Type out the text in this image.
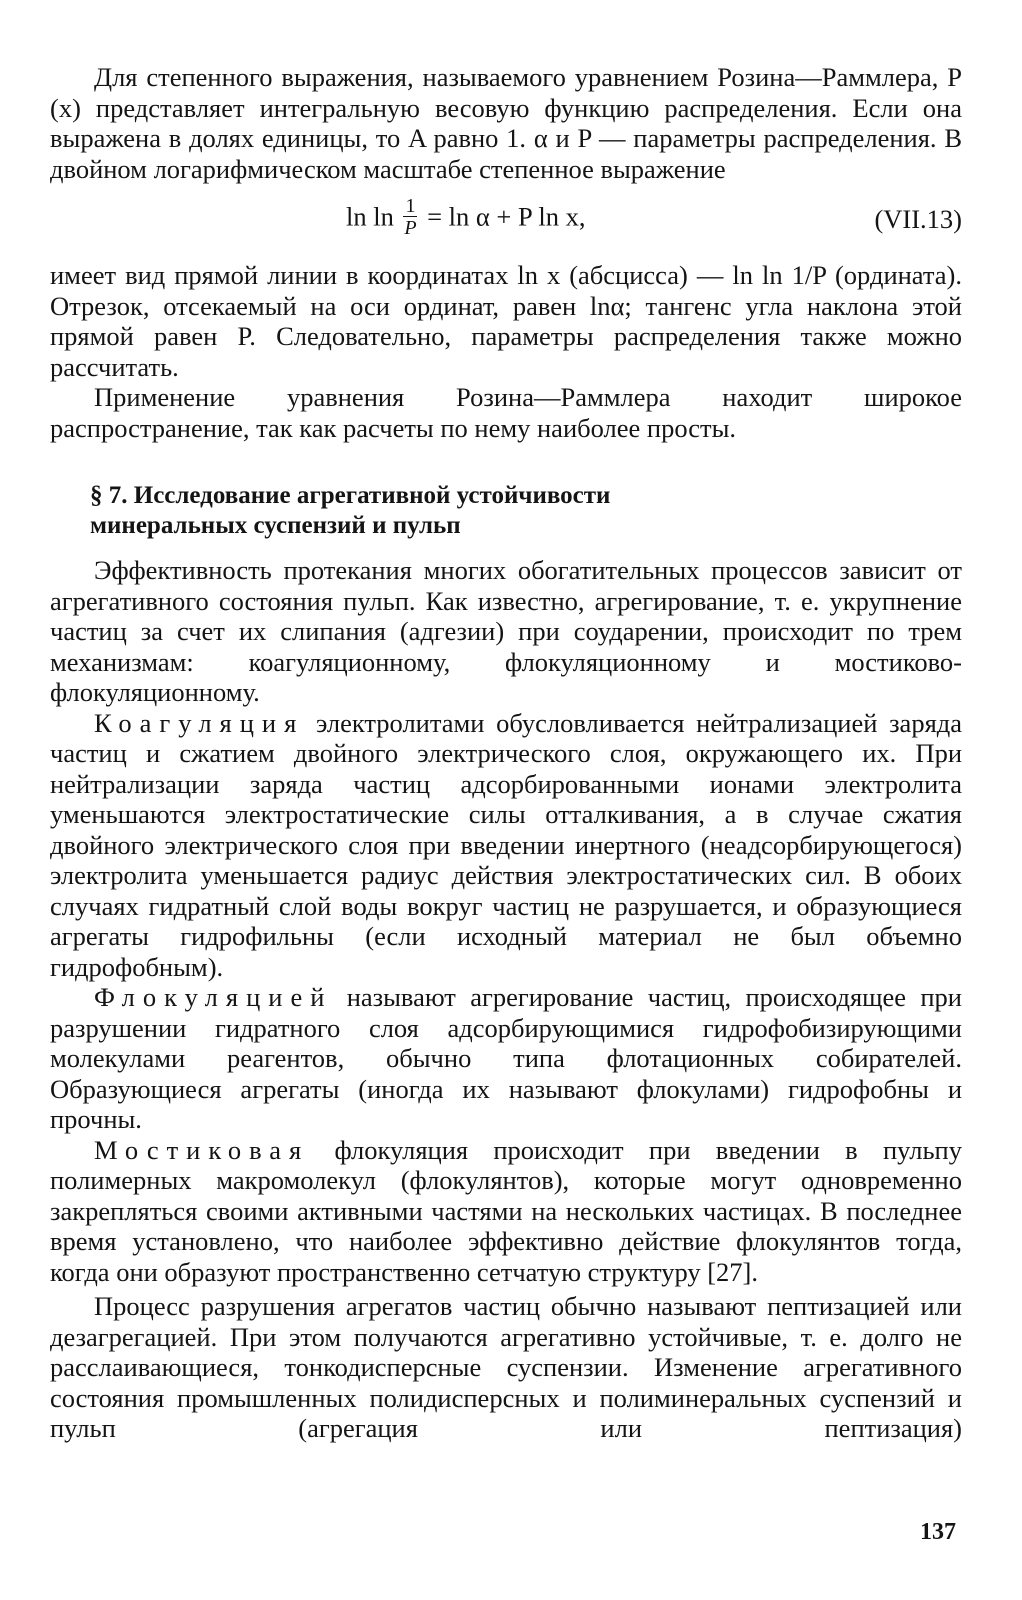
Для степенного выражения, называемого уравнением Розина—Раммлера, P (x) представляет интегральную весовую функцию распределения. Если она выражена в долях единицы, то A равно 1. α и P — параметры распределения. В двойном логарифмическом масштабе степенное выражение

$\ln \ln \frac{1}{P} = \ln \alpha + P$ ln x,	(VII.13)

имеет вид прямой линии в координатах ln x (абсцисса) — ln ln 1/P (ордината). Отрезок, отсекаемый на оси ординат, равен lnα; тангенс угла наклона этой прямой равен P. Следовательно, параметры распределения также можно рассчитать.

Применение уравнения Розина—Раммлера находит широкое распространение, так как расчеты по нему наиболее просты.

§ 7. Исследование агрегативной устойчивости
минеральных суспензий и пульп

Эффективность протекания многих обогатительных процессов зависит от агрегативного состояния пульп. Как известно, агрегирование, т. е. укрупнение частиц за счет их слипания (адгезии) при соударении, происходит по трем механизмам: коагуляционному, флокуляционному и мостиково-флокуляционному.

Коагуляция электролитами обусловливается нейтрализацией заряда частиц и сжатием двойного электрического слоя, окружающего их. При нейтрализации заряда частиц адсорбированными ионами электролита уменьшаются электростатические силы отталкивания, а в случае сжатия двойного электрического слоя при введении инертного (неадсорбирующегося) электролита уменьшается радиус действия электростатических сил. В обоих случаях гидратный слой воды вокруг частиц не разрушается, и образующиеся агрегаты гидрофильны (если исходный материал не был объемно гидрофобным).

Флокуляцией называют агрегирование частиц, происходящее при разрушении гидратного слоя адсорбирующимися гидрофобизирующими молекулами реагентов, обычно типа флотационных собирателей. Образующиеся агрегаты (иногда их называют флокулами) гидрофобны и прочны.

Мостиковая флокуляция происходит при введении в пульпу полимерных макромолекул (флокулянтов), которые могут одновременно закрепляться своими активными частями на нескольких частицах. В последнее время установлено, что наиболее эффективно действие флокулянтов тогда, когда они образуют пространственно сетчатую структуру [27].

Процесс разрушения агрегатов частиц обычно называют пептизацией или дезагрегацией. При этом получаются агрегативно устойчивые, т. е. долго не расслаивающиеся, тонкодисперсные суспензии. Изменение агрегативного состояния промышленных полидисперсных и полиминеральных суспензий и пульп (агрегация или пептизация)

137
